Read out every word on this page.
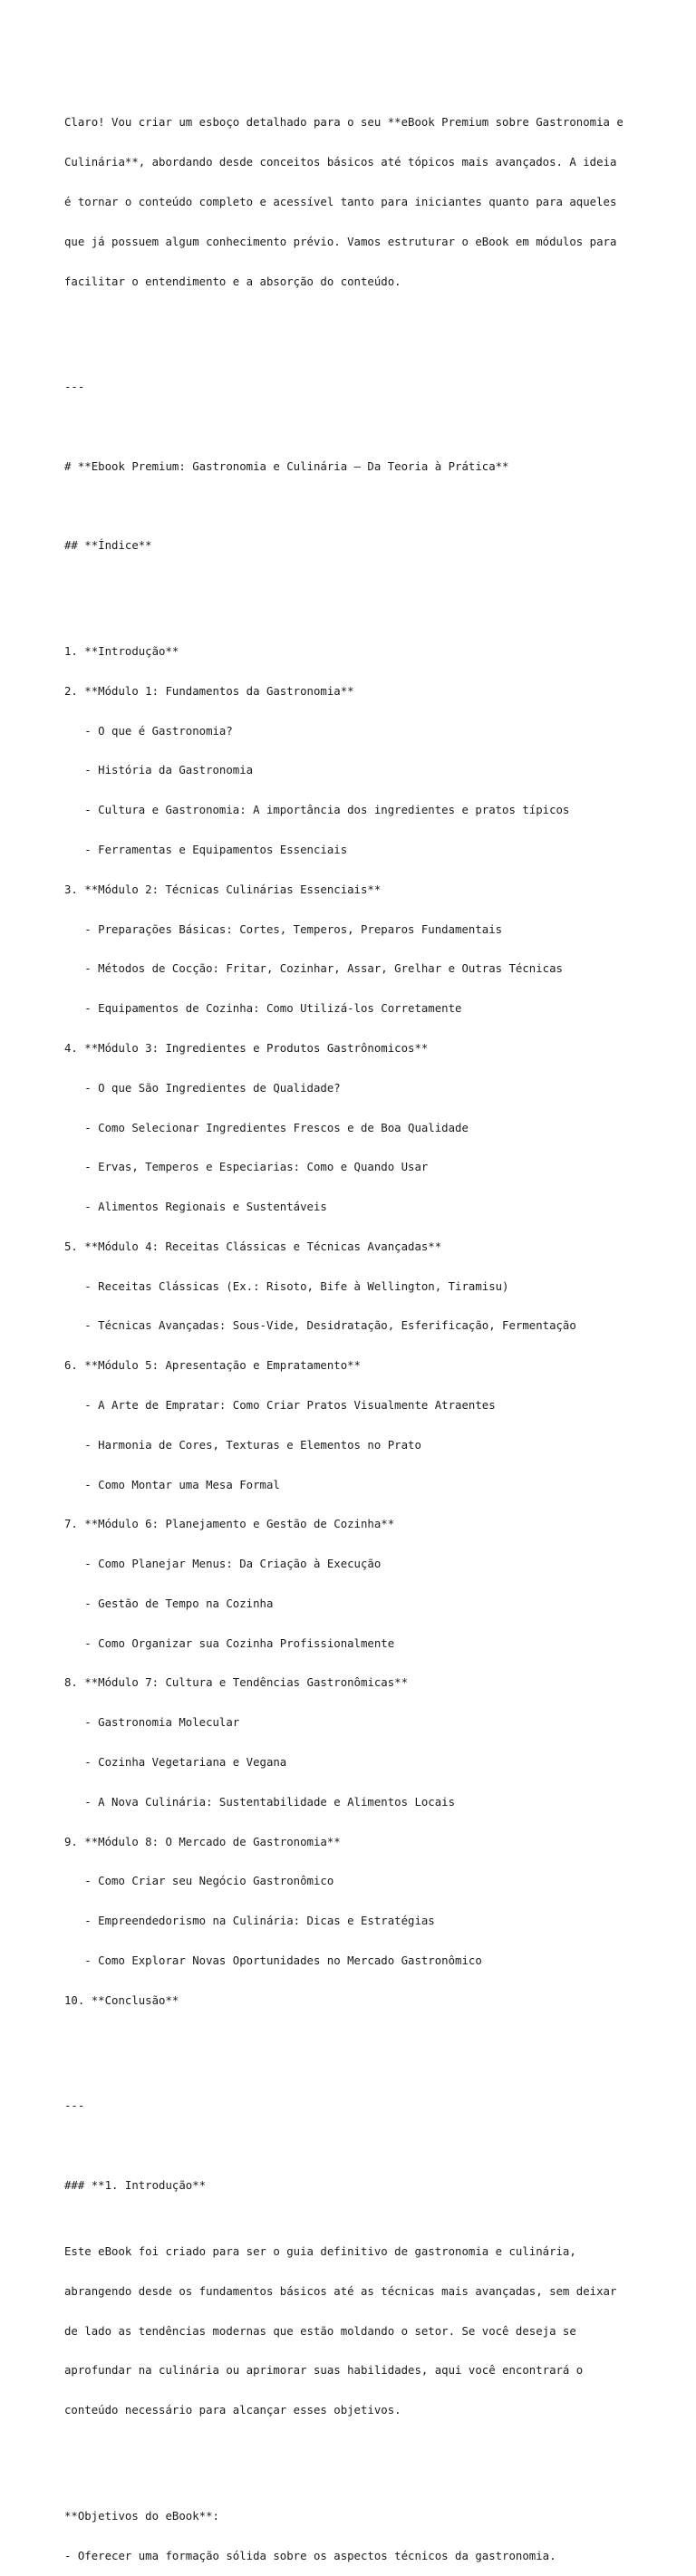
Claro! Vou criar um esboço detalhado para o seu **eBook Premium sobre Gastronomia e

Culinária**, abordando desde conceitos básicos até tópicos mais avançados. A ideia

é tornar o conteúdo completo e acessível tanto para iniciantes quanto para aqueles

que já possuem algum conhecimento prévio. Vamos estruturar o eBook em módulos para

facilitar o entendimento e a absorção do conteúdo.

---

# **Ebook Premium: Gastronomia e Culinária – Da Teoria à Prática**

## **Índice**

1. **Introdução**

2. **Módulo 1: Fundamentos da Gastronomia**

- O que é Gastronomia?

- História da Gastronomia

- Cultura e Gastronomia: A importância dos ingredientes e pratos típicos

- Ferramentas e Equipamentos Essenciais

3. **Módulo 2: Técnicas Culinárias Essenciais**

- Preparações Básicas: Cortes, Temperos, Preparos Fundamentais

- Métodos de Cocção: Fritar, Cozinhar, Assar, Grelhar e Outras Técnicas

- Equipamentos de Cozinha: Como Utilizá-los Corretamente

4. **Módulo 3: Ingredientes e Produtos Gastrônomicos**

- O que São Ingredientes de Qualidade?

- Como Selecionar Ingredientes Frescos e de Boa Qualidade

- Ervas, Temperos e Especiarias: Como e Quando Usar

- Alimentos Regionais e Sustentáveis

5. **Módulo 4: Receitas Clássicas e Técnicas Avançadas**

- Receitas Clássicas (Ex.: Risoto, Bife à Wellington, Tiramisu)

- Técnicas Avançadas: Sous-Vide, Desidratação, Esferificação, Fermentação

6. **Módulo 5: Apresentação e Empratamento**

- A Arte de Empratar: Como Criar Pratos Visualmente Atraentes

- Harmonia de Cores, Texturas e Elementos no Prato

- Como Montar uma Mesa Formal

7. **Módulo 6: Planejamento e Gestão de Cozinha**

- Como Planejar Menus: Da Criação à Execução

- Gestão de Tempo na Cozinha

- Como Organizar sua Cozinha Profissionalmente

8. **Módulo 7: Cultura e Tendências Gastronômicas**

- Gastronomia Molecular

- Cozinha Vegetariana e Vegana

- A Nova Culinária: Sustentabilidade e Alimentos Locais

9. **Módulo 8: O Mercado de Gastronomia**

- Como Criar seu Negócio Gastronômico

- Empreendedorismo na Culinária: Dicas e Estratégias

- Como Explorar Novas Oportunidades no Mercado Gastronômico

10. **Conclusão**

---

### **1. Introdução**

Este eBook foi criado para ser o guia definitivo de gastronomia e culinária,

abrangendo desde os fundamentos básicos até as técnicas mais avançadas, sem deixar

de lado as tendências modernas que estão moldando o setor. Se você deseja se

aprofundar na culinária ou aprimorar suas habilidades, aqui você encontrará o

conteúdo necessário para alcançar esses objetivos.

**Objetivos do eBook**:

- Oferecer uma formação sólida sobre os aspectos técnicos da gastronomia.
